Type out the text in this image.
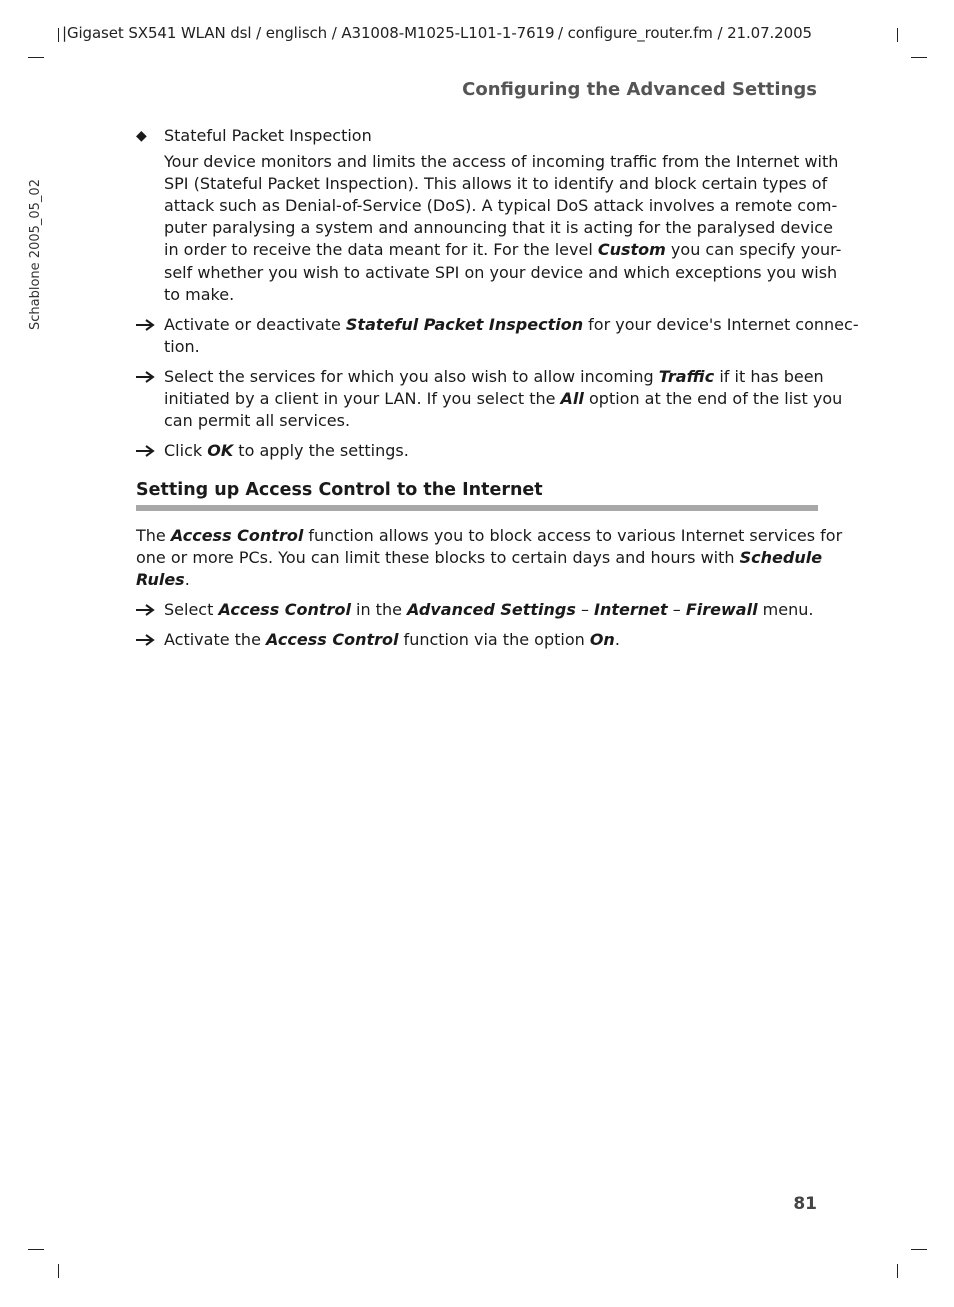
|Gigaset SX541 WLAN dsl / englisch / A31008-M1025-L101-1-7619 / configure_router.fm / 21.07.2005
Schablone 2005_05_02
Configuring the Advanced Settings
◆ Stateful Packet Inspection
Your device monitors and limits the access of incoming traffic from the Internet with
SPI (Stateful Packet Inspection). This allows it to identify and block certain types of
attack such as Denial-of-Service (DoS). A typical DoS attack involves a remote com-
puter paralysing a system and announcing that it is acting for the paralysed device
in order to receive the data meant for it. For the level Custom you can specify your-
self whether you wish to activate SPI on your device and which exceptions you wish
to make.
Activate or deactivate Stateful Packet Inspection for your device's Internet connec-
tion.
Select the services for which you also wish to allow incoming Traffic if it has been
initiated by a client in your LAN. If you select the All option at the end of the list you
can permit all services.
Click OK to apply the settings.
Setting up Access Control to the Internet
The Access Control function allows you to block access to various Internet services for
one or more PCs. You can limit these blocks to certain days and hours with Schedule
Rules.
Select Access Control in the Advanced Settings – Internet – Firewall menu.
Activate the Access Control function via the option On.
81
